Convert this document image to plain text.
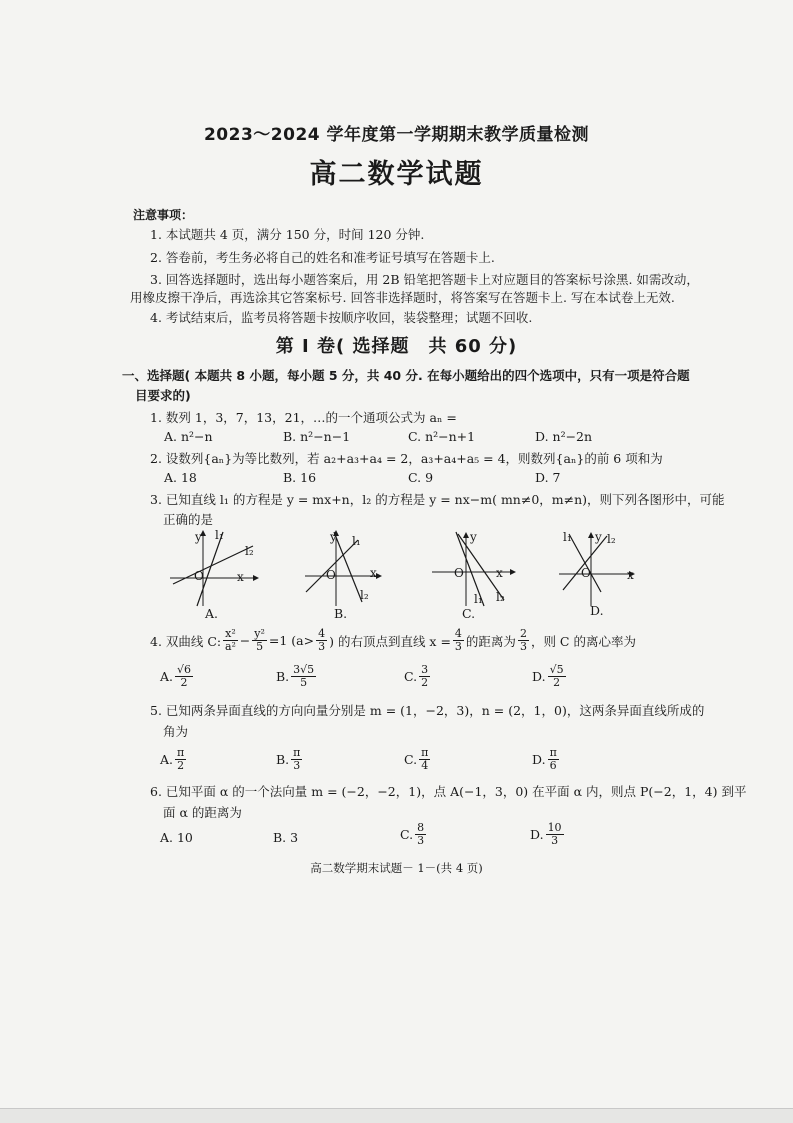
2023～2024 学年度第一学期期末教学质量检测
高二数学试题
注意事项：
1. 本试题共 4 页，满分 150 分，时间 120 分钟.
2. 答卷前，考生务必将自己的姓名和准考证号填写在答题卡上.
3. 回答选择题时，选出每小题答案后，用 2B 铅笔把答题卡上对应题目的答案标号涂黑. 如需改动，
用橡皮擦干净后，再选涂其它答案标号. 回答非选择题时，将答案写在答题卡上. 写在本试卷上无效.
4. 考试结束后，监考员将答题卡按顺序收回，装袋整理；试题不回收.
第 Ⅰ 卷( 选择题　共 60 分)
一、选择题( 本题共 8 小题，每小题 5 分，共 40 分. 在每小题给出的四个选项中，只有一项是符合题
目要求的)
1. 数列 1，3，7，13，21，…的一个通项公式为 aₙ =
A. n²−n	B. n²−n−1	C. n²−n+1	D. n²−2n
2. 设数列{aₙ}为等比数列，若 a₂+a₃+a₄ = 2，a₃+a₄+a₅ = 4，则数列{aₙ}的前 6 项和为
A. 18	B. 16	C. 9	D. 7
3. 已知直线 l₁ 的方程是 y = mx+n，l₂ 的方程是 y = nx−m( mn≠0，m≠n)，则下列各图形中，可能
正确的是
y l₁
l₂
O	x
A.
y l₁
l₂
O	x
B.
y
l₁ l₂
O	x
C.
l₁ y l₂
O	x
D.
4. 双曲线 C: $\frac{\text{x²}}{\text{a²}} - \frac{\text{y²}}{5} =1$ ($a> \frac{4}{3}$ ) 的右顶点到直线 $x = \frac{4}{3}$ 的距离为 $\frac{2}{3}$ ，则 C 的离心率为
A. $\frac{√6}{2}$	B. $\frac{3√5}{5}$	C. $\frac{3}{2}$	D. $\frac{√5}{2}$
5. 已知两条异面直线的方向向量分别是 m = (1，−2，3)，n = (2，1，0)，这两条异面直线所成的
角为
A. $\frac{\pi}{2}$	B. $\frac{\pi}{3}$	C. $\frac{\pi}{4}$	D. $\frac{\pi}{6}$
6. 已知平面 α 的一个法向量 m = (−2，−2，1)，点 A(−1，3，0) 在平面 α 内，则点 P(−2，1，4) 到平
面 α 的距离为
A. 10	B. 3	C. $\frac{8}{3}$	D. $\frac{10}{3}$
高二数学期末试题－ 1－(共 4 页)
